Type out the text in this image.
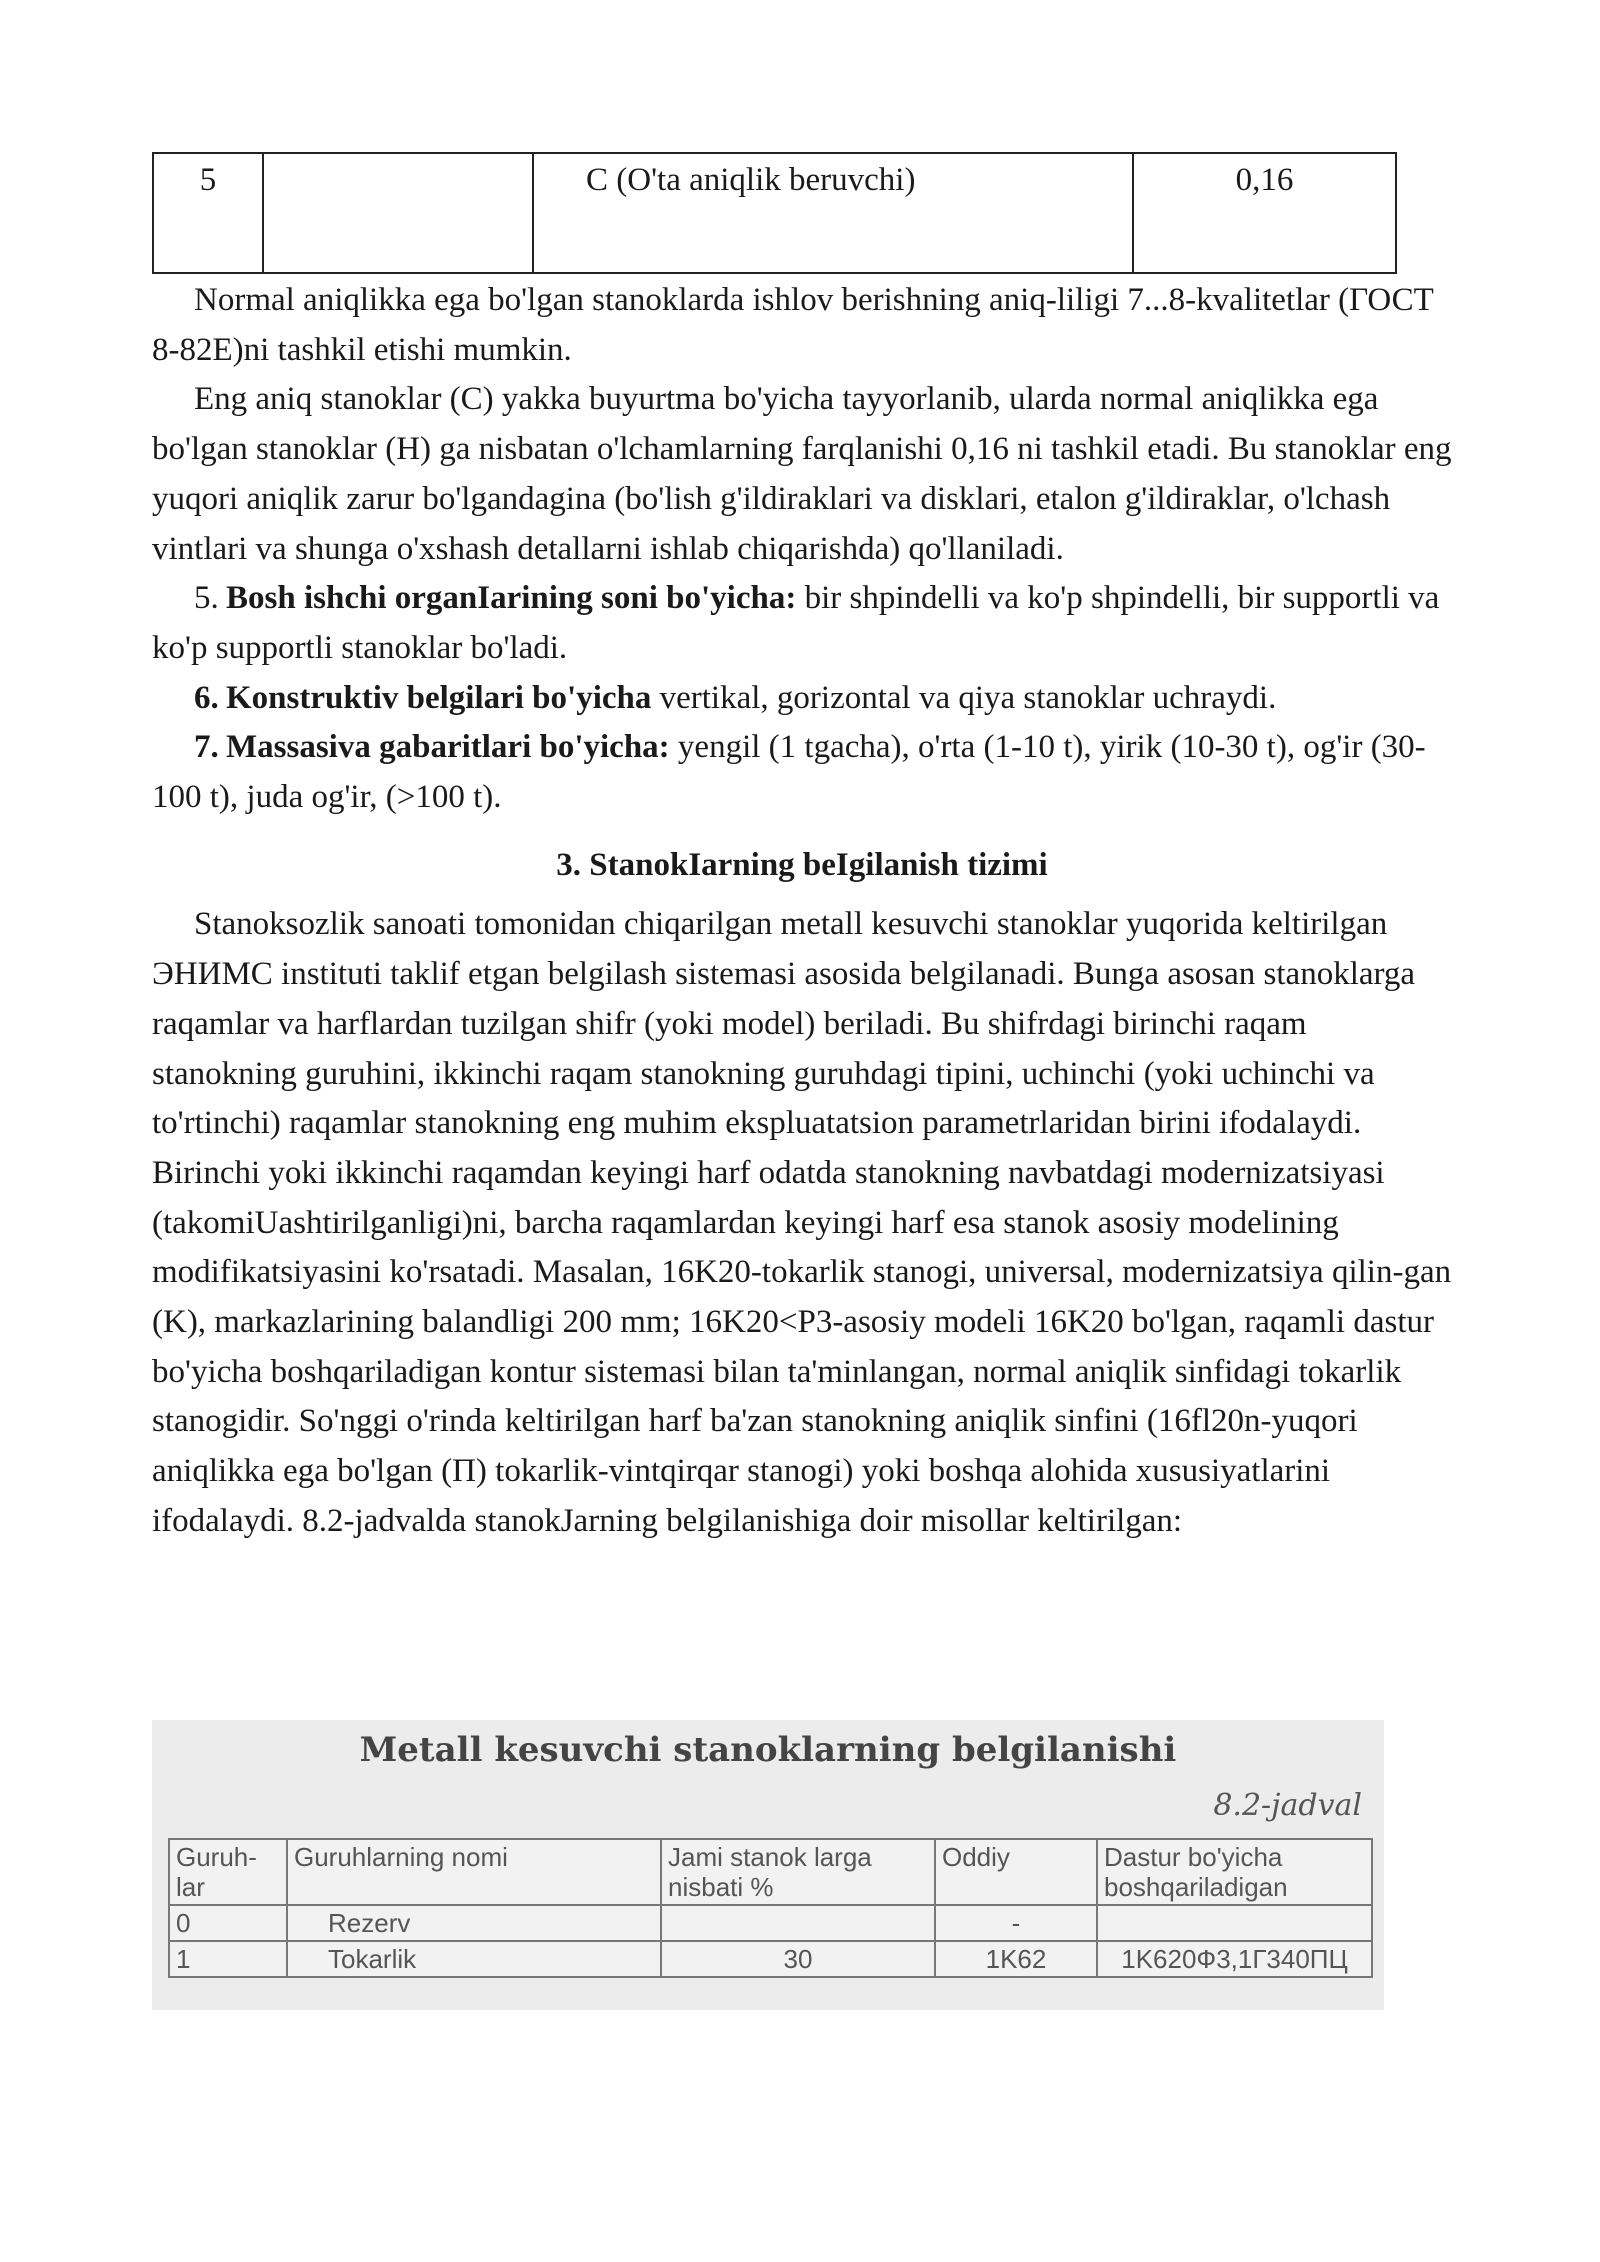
5		С (O'ta aniqlik beruvchi)	0,16

Normal aniqlikka ega bo'lgan stanoklarda ishlov berishning aniq-liligi 7...8-kvalitetlar (ГОСТ 8-82E)ni tashkil etishi mumkin.

Eng aniq stanoklar (C) yakka buyurtma bo'yicha tayyorlanib, ularda normal aniqlikka ega bo'lgan stanoklar (H) ga nisbatan o'lchamlarning farqlanishi 0,16 ni tashkil etadi. Bu stanoklar eng yuqori aniqlik zarur bo'lgandagina (bo'lish g'ildiraklari va disklari, etalon g'ildiraklar, o'lchash vintlari va shunga o'xshash detallarni ishlab chiqarishda) qo'llaniladi.

5. Bosh ishchi organIarining soni bo'yicha: bir shpindelli va ko'p shpindelli, bir supportli va ko'p supportli stanoklar bo'ladi.

6. Konstruktiv belgilari bo'yicha vertikal, gorizontal va qiya stanoklar uchraydi.

7. Massasiva gabaritlari bo'yicha: yengil (1 tgacha), o'rta (1-10 t), yirik (10-30 t), og'ir (30-100 t), juda og'ir, (>100 t).

3. StanokIarning beIgilanish tizimi

Stanoksozlik sanoati tomonidan chiqarilgan metall kesuvchi stanoklar yuqorida keltirilgan ЭНИМС instituti taklif etgan belgilash sistemasi asosida belgilanadi. Bunga asosan stanoklarga raqamlar va harflardan tuzilgan shifr (yoki model) beriladi. Bu shifrdagi birinchi raqam stanokning guruhini, ikkinchi raqam stanokning guruhdagi tipini, uchinchi (yoki uchinchi va to'rtinchi) raqamlar stanokning eng muhim ekspluatatsion parametrlaridan birini ifodalaydi. Birinchi yoki ikkinchi raqamdan keyingi harf odatda stanokning navbatdagi modernizatsiyasi (takomiUashtirilganligi)ni, barcha raqamlardan keyingi harf esa stanok asosiy modelining modifikatsiyasini ko'rsatadi. Masalan, 16K20-tokarlik stanogi, universal, modernizatsiya qilin-gan (K), markazlarining balandligi 200 mm; 16K20<P3-asosiy modeli 16K20 bo'lgan, raqamli dastur bo'yicha boshqariladigan kontur sistemasi bilan ta'minlangan, normal aniqlik sinfidagi tokarlik stanogidir. So'nggi o'rinda keltirilgan harf ba'zan stanokning aniqlik sinfini (16fl20n-yuqori aniqlikka ega bo'lgan (П) tokarlik-vintqirqar stanogi) yoki boshqa alohida xususiyatlarini ifodalaydi. 8.2-jadvalda stanokJarning belgilanishiga doir misollar keltirilgan:

Metall kesuvchi stanoklarning belgilanishi
8.2-jadval
Guruh-lar	Guruhlarning nomi	Jami stanok larga nisbati %	Oddiy	Dastur bo'yicha boshqariladigan
0	Rezerv		-	
1	Tokarlik	30	1K62	1K620Ф3,1Г340ПЦ
